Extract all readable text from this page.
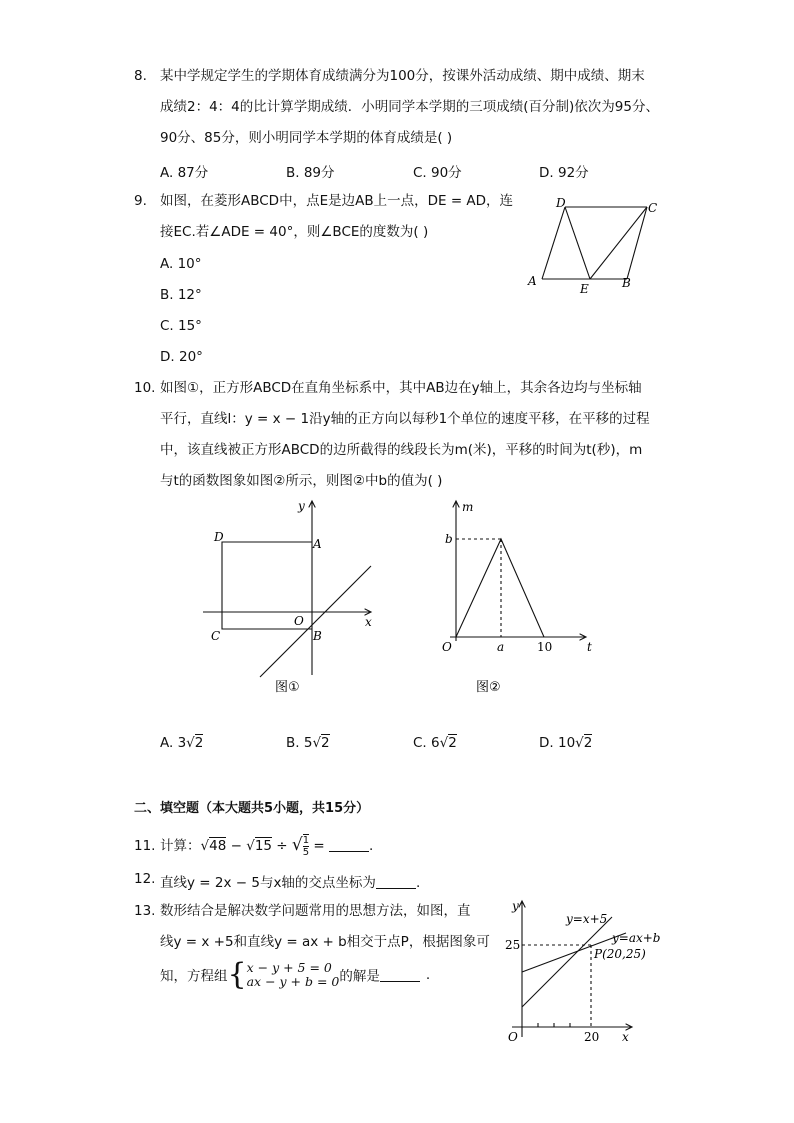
8. 某中学规定学生的学期体育成绩满分为100分，按课外活动成绩、期中成绩、期末
成绩2：4：4的比计算学期成绩．小明同学本学期的三项成绩(百分制)依次为95分、
90分、85分，则小明同学本学期的体育成绩是( )
A. 87分	B. 89分	C. 90分	D. 92分
9. 如图，在菱形ABCD中，点E是边AB上一点，DE = AD，连
接EC.若∠ADE = 40°，则∠BCE的度数为( )
A. 10°
B. 12°
C. 15°
D. 20°
A	B
C
D
E
10. 如图①，正方形ABCD在直角坐标系中，其中AB边在y轴上，其余各边均与坐标轴
平行，直线l：y = x − 1沿y轴的正方向以每秒1个单位的速度平移，在平移的过程
中，该直线被正方形ABCD的边所截得的线段长为m(米)，平移的时间为t(秒)，m
与t的函数图象如图②所示，则图②中b的值为( )
y
x
O
A
B
C
D
图①
m
t
O
b
a	10
图②
A. 3√2	B. 5√2	C. 6√2	D. 10√2
二、填空题（本大题共5小题，共15分）
11. 计算：√48 − √15 ÷ √ $\frac{1}{5}$ =	.
12. 直线y = 2x − 5与x轴的交点坐标为	.
13. 数形结合是解决数学问题常用的思想方法，如图，直
线y = x +5和直线y = ax + b相交于点P，根据图象可
知，方程组{ x − y + 5 = 0
ax − y + b = 0 的解是	.
y
x
O
25
20
y=x+5
y=ax+b
P(20,25)
